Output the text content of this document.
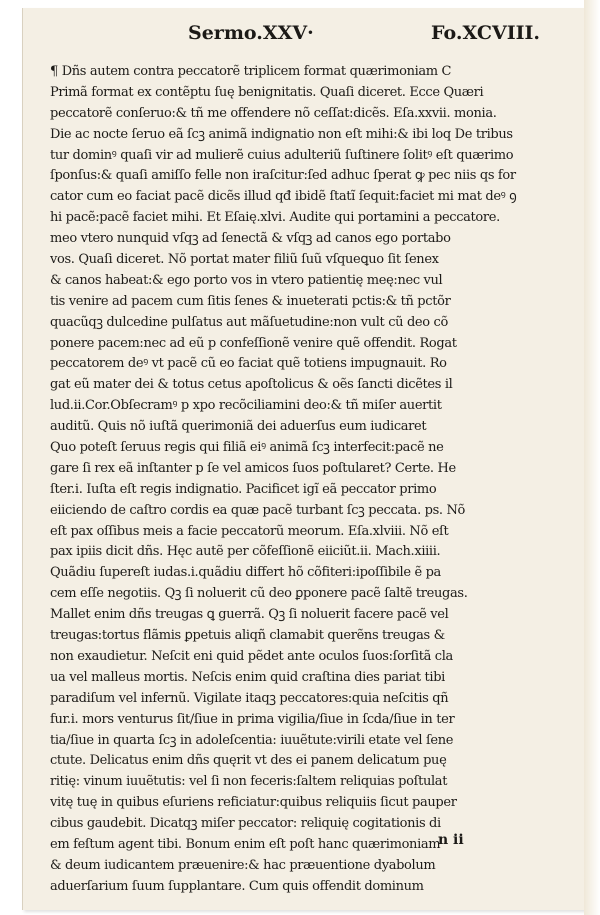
Sermo.XXV·	Fo.XCVIII.
¶ Dñs autem contra peccatorẽ triplicem format quærimoniam C
Primã format ex contẽptu ſuę benignitatis. Quaſi diceret. Ecce Quæri
peccatorẽ conſeruo:& tñ me offendere nõ ceſſat:dicẽs. Eſa.xxvii. monia.
Die ac nocte ſeruo eã ſcꝫ animã indignatio non eſt mihi:& ibi loq De tribus
tur dominꝰ quaſi vir ad mulierẽ cuius adulteriũ ſuſtinere ſolitꝰ eſt quærimo
ſponſus:& quaſi amiſſo felle non iraſcitur:ſed adhuc ſperat ꝙ pec niis qs for
cator cum eo faciat pacẽ dicẽs illud qđ ibidẽ ſtatĩ ſequit:faciet mi mat deꝰ ꝯ
hi pacẽ:pacẽ faciet mihi. Et Eſaię.xlvi. Audite qui portamini a peccatore.
meo vtero nunquid vſqꝫ ad ſenectã & vſqꝫ ad canos ego portabo
vos. Quaſi diceret. Nõ portat mater filiũ ſuũ vſqueꝗuo ſit ſenex
& canos habeat:& ego porto vos in vtero patientię meę:nec vul
tis venire ad pacem cum ſitis ſenes & inueterati pctis:& tñ pctõr
quacũqꝫ dulcedine pulſatus aut mãſuetudine:non vult cũ deo cõ
ponere pacem:nec ad eũ p confeſſionẽ venire quẽ offendit. Rogat
peccatorem deꝰ vt pacẽ cũ eo faciat quẽ totiens impugnauit. Ro
gat eũ mater dei & totus cetus apoſtolicus & oẽs ſancti dicẽtes il
lud.ii.Cor.Obſecramꝰ p xpo recõciliamini deo:& tñ miſer auertit
auditũ. Quis nõ iuſtã querimoniã dei aduerſus eum iudicaret
Quo poteſt ſeruus regis qui filiã eiꝰ animã ſcꝫ interfecit:pacẽ ne
gare ſi rex eã inſtanter p ſe vel amicos ſuos poſtularet? Certe. He
ſter.i. Iuſta eſt regis indignatio. Pacificet igĩ eã peccator primo
eiiciendo de caſtro cordis ea quæ pacẽ turbant ſcꝫ peccata. ps. Nõ
eſt pax oſſibus meis a facie peccatorũ meorum. Eſa.xlviii. Nõ eſt
pax ipiis dicit dñs. Hęc autẽ per cõfeſſionẽ eiiciũt.ii. Mach.xiiii.
Quãdiu ſupereſt iudas.i.quãdiu differt hõ cõfiteri:ipoſſibile ẽ pa
cem eſſe negotiis. Qꝫ ſi noluerit cũ deo ꝑponere pacẽ ſaltẽ treugas.
Mallet enim dñs treugas ꝗ guerrã. Qꝫ ſi noluerit facere pacẽ vel
treugas:tortus flãmis ꝑpetuis aliqñ clamabit querẽns treugas &
non exaudietur. Neſcit eni quid pẽdet ante oculos ſuos:ſorſitã cla
ua vel malleus mortis. Neſcis enim quid craſtina dies pariat tibi
paradiſum vel infernũ. Vigilate itaqꝫ peccatores:quia neſcitis qñ
fur.i. mors venturus ſit/ſiue in prima vigilia/ſiue in ſcda/ſiue in ter
tia/ſiue in quarta ſcꝫ in adoleſcentia: iuuẽtute:virili etate vel ſene
ctute. Delicatus enim dñs quęrit vt des ei panem delicatum puę
ritię: vinum iuuẽtutis: vel ſi non feceris:ſaltem reliquias poſtulat
vitę tuę in quibus eſuriens reficiatur:quibus reliquiis ſicut pauper
cibus gaudebit. Dicatqꝫ miſer peccator: reliquię cogitationis di
em feſtum agent tibi. Bonum enim eſt poſt hanc quærimoniam
& deum iudicantem præuenire:& hac præuentione dyabolum
aduerſarium ſuum ſupplantare. Cum quis offendit dominum
n ii
